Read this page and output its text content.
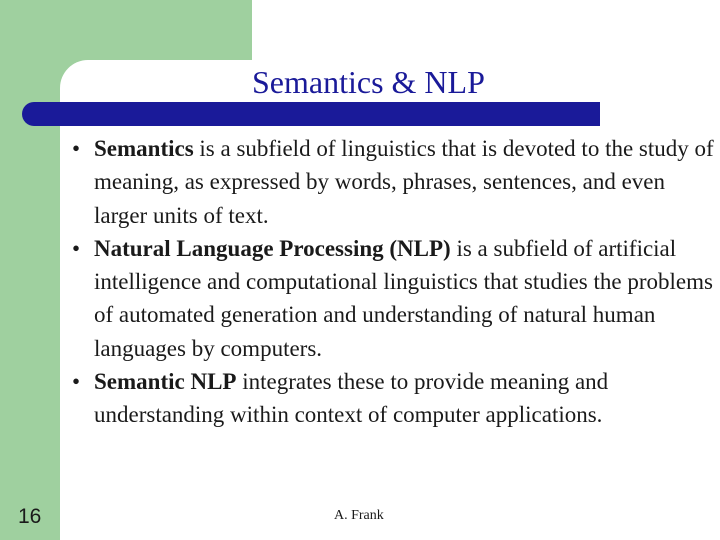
Semantics & NLP
• Semantics is a subfield of linguistics that is devoted to the study of meaning, as expressed by words, phrases, sentences, and even larger units of text.
• Natural Language Processing (NLP) is a subfield of artificial intelligence and computational linguistics that studies the problems of automated generation and understanding of natural human languages by computers.
• Semantic NLP integrates these to provide meaning and understanding within context of computer applications.
16	A. Frank
